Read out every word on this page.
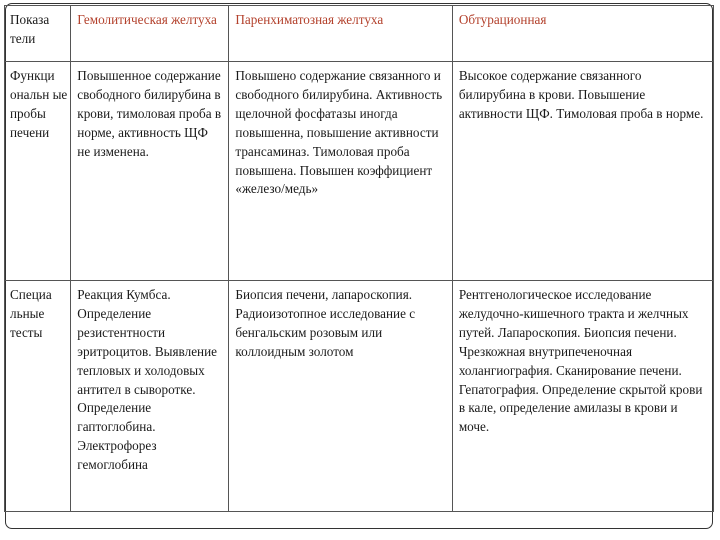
Показа тели	Гемолитическая желтуха	Паренхиматозная желтуха	Обтурационная
Функци ональн ые пробы печени	Повышенное содержание свободного билирубина в крови, тимоловая проба в норме, активность ЩФ не изменена.	Повышено содержание связанного и свободного билирубина. Активность щелочной фосфатазы иногда повышенна, повышение активности трансаминаз. Тимоловая проба повышена. Повышен коэффициент «железо/медь»	Высокое содержание связанного билирубина в крови. Повышение активности ЩФ. Тимоловая проба в норме.
Специа льные тесты	Реакция Кумбса. Определение резистентности эритроцитов. Выявление тепловых и холодовых антител в сыворотке. Определение гаптоглобина. Электрофорез гемоглобина	Биопсия печени, лапароскопия. Радиоизотопное исследование с бенгальским розовым или коллоидным золотом	Рентгенологическое исследование желудочно-кишечного тракта и желчных путей. Лапароскопия. Биопсия печени. Чрезкожная внутрипеченочная холангиография. Сканирование печени. Гепатография. Определение скрытой крови в кале, определение амилазы в крови и моче.
